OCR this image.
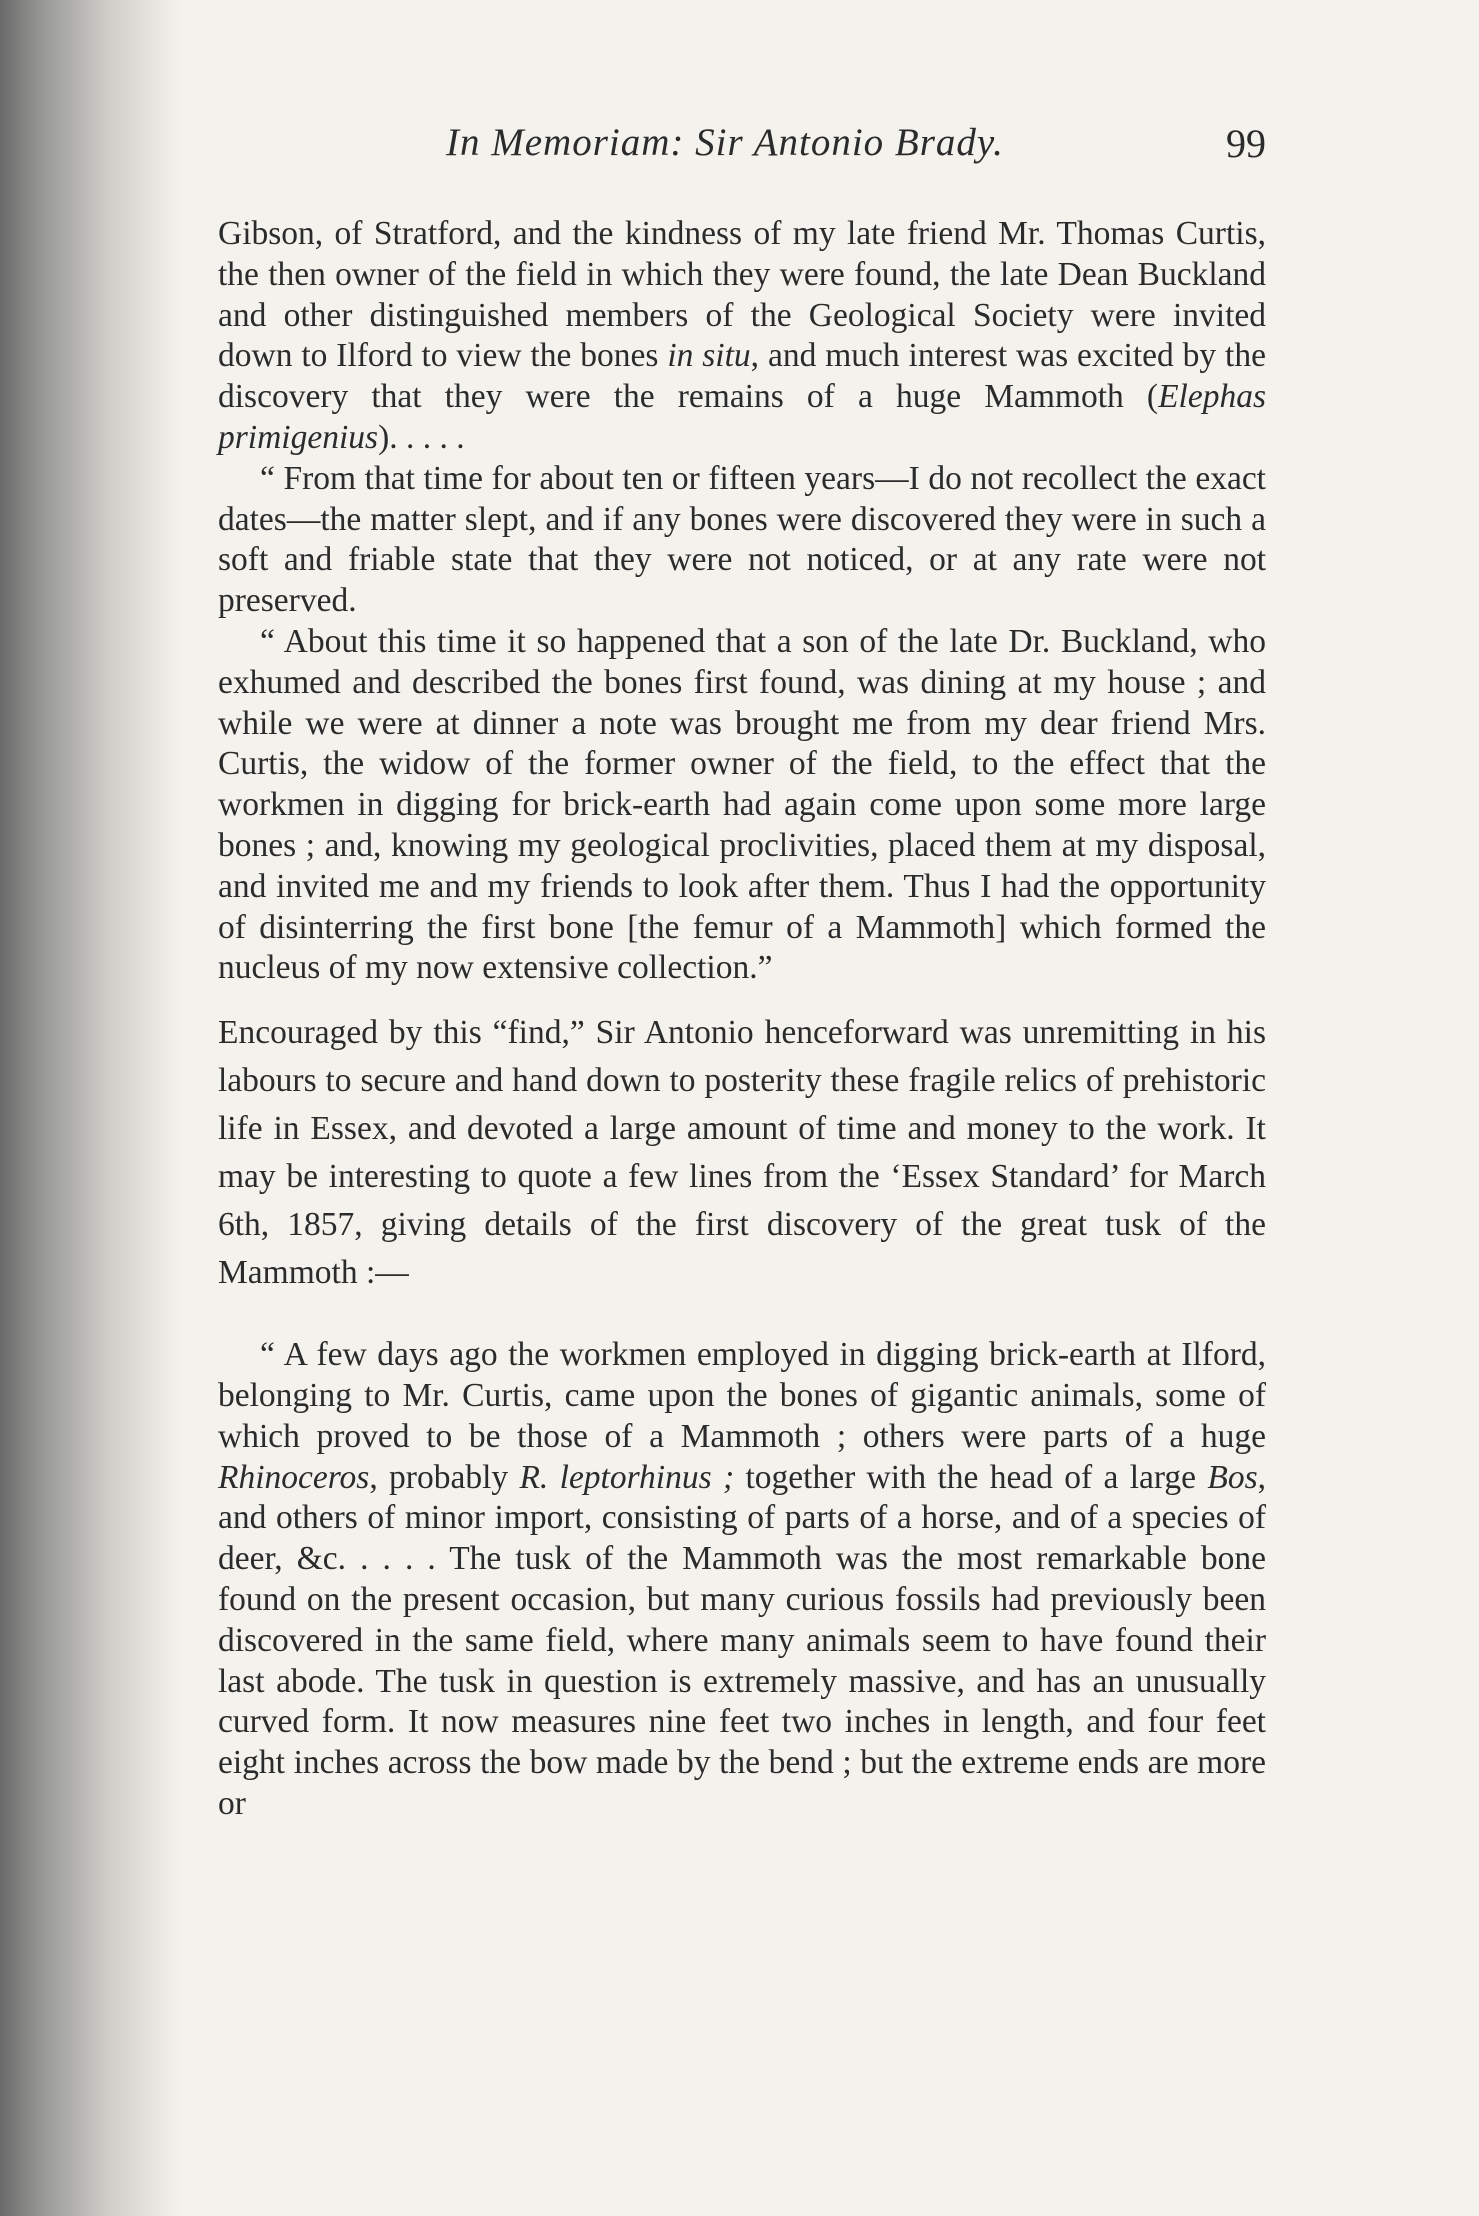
In Memoriam: Sir Antonio Brady.	99

Gibson, of Stratford, and the kindness of my late friend Mr. Thomas Curtis, the then owner of the field in which they were found, the late Dean Buckland and other distinguished members of the Geological Society were invited down to Ilford to view the bones in situ, and much interest was excited by the discovery that they were the remains of a huge Mammoth (Elephas primigenius). . . . .

“ From that time for about ten or fifteen years—I do not recollect the exact dates—the matter slept, and if any bones were discovered they were in such a soft and friable state that they were not noticed, or at any rate were not preserved.

“ About this time it so happened that a son of the late Dr. Buckland, who exhumed and described the bones first found, was dining at my house ; and while we were at dinner a note was brought me from my dear friend Mrs. Curtis, the widow of the former owner of the field, to the effect that the workmen in digging for brick-earth had again come upon some more large bones ; and, knowing my geological proclivities, placed them at my disposal, and invited me and my friends to look after them. Thus I had the opportunity of disinterring the first bone [the femur of a Mammoth] which formed the nucleus of my now extensive collection.”

Encouraged by this “find,” Sir Antonio henceforward was unremitting in his labours to secure and hand down to posterity these fragile relics of prehistoric life in Essex, and devoted a large amount of time and money to the work. It may be interesting to quote a few lines from the ‘Essex Standard’ for March 6th, 1857, giving details of the first discovery of the great tusk of the Mammoth :—

“ A few days ago the workmen employed in digging brick-earth at Ilford, belonging to Mr. Curtis, came upon the bones of gigantic animals, some of which proved to be those of a Mammoth ; others were parts of a huge Rhinoceros, probably R. leptorhinus ; together with the head of a large Bos, and others of minor import, consisting of parts of a horse, and of a species of deer, &c. . . . . The tusk of the Mammoth was the most remarkable bone found on the present occasion, but many curious fossils had previously been discovered in the same field, where many animals seem to have found their last abode. The tusk in question is extremely massive, and has an unusually curved form. It now measures nine feet two inches in length, and four feet eight inches across the bow made by the bend ; but the extreme ends are more or
